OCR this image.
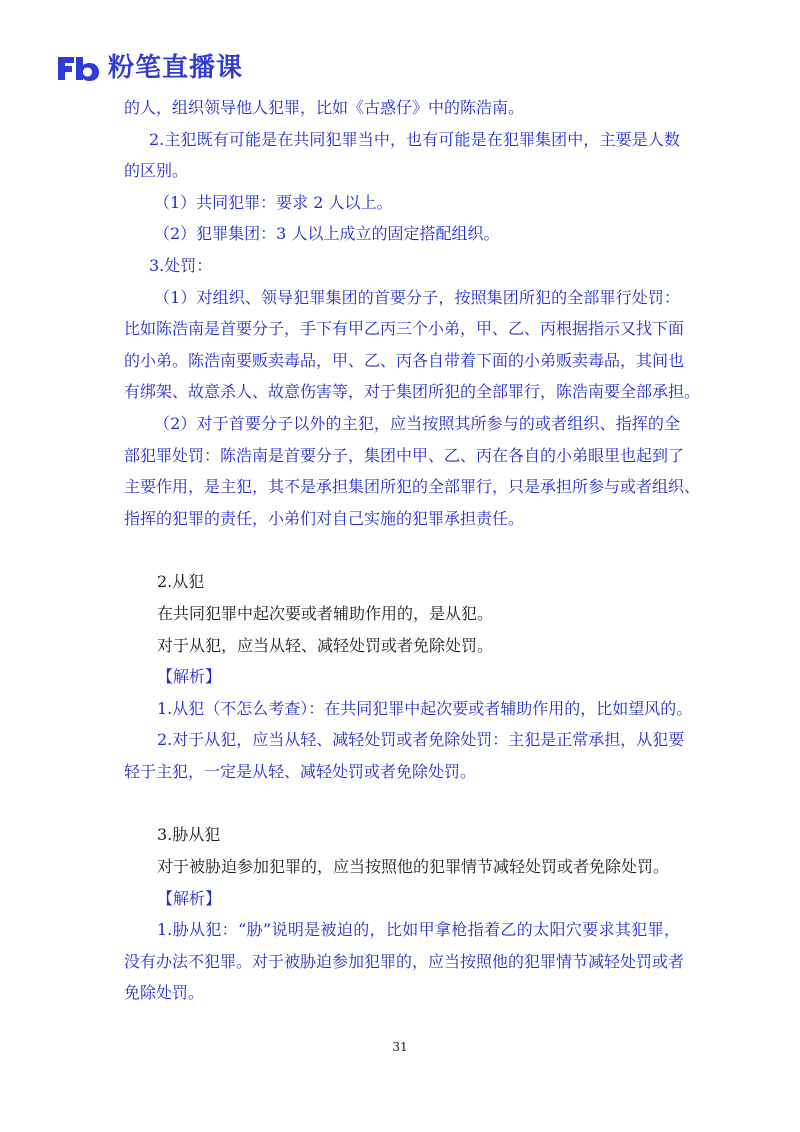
粉笔直播课
的人，组织领导他人犯罪，比如《古惑仔》中的陈浩南。
2.主犯既有可能是在共同犯罪当中，也有可能是在犯罪集团中，主要是人数
的区别。
（1）共同犯罪：要求 2 人以上。
（2）犯罪集团：3 人以上成立的固定搭配组织。
3.处罚：
（1）对组织、领导犯罪集团的首要分子，按照集团所犯的全部罪行处罚：
比如陈浩南是首要分子，手下有甲乙丙三个小弟，甲、乙、丙根据指示又找下面
的小弟。陈浩南要贩卖毒品，甲、乙、丙各自带着下面的小弟贩卖毒品，其间也
有绑架、故意杀人、故意伤害等，对于集团所犯的全部罪行，陈浩南要全部承担。
（2）对于首要分子以外的主犯，应当按照其所参与的或者组织、指挥的全
部犯罪处罚：陈浩南是首要分子，集团中甲、乙、丙在各自的小弟眼里也起到了
主要作用，是主犯，其不是承担集团所犯的全部罪行，只是承担所参与或者组织、
指挥的犯罪的责任，小弟们对自己实施的犯罪承担责任。
2.从犯
在共同犯罪中起次要或者辅助作用的，是从犯。
对于从犯，应当从轻、减轻处罚或者免除处罚。
【解析】
1.从犯（不怎么考查）：在共同犯罪中起次要或者辅助作用的，比如望风的。
2.对于从犯，应当从轻、减轻处罚或者免除处罚：主犯是正常承担，从犯要
轻于主犯，一定是从轻、减轻处罚或者免除处罚。
3.胁从犯
对于被胁迫参加犯罪的，应当按照他的犯罪情节减轻处罚或者免除处罚。
【解析】
1.胁从犯：“胁”说明是被迫的，比如甲拿枪指着乙的太阳穴要求其犯罪，
没有办法不犯罪。对于被胁迫参加犯罪的，应当按照他的犯罪情节减轻处罚或者
免除处罚。
31
